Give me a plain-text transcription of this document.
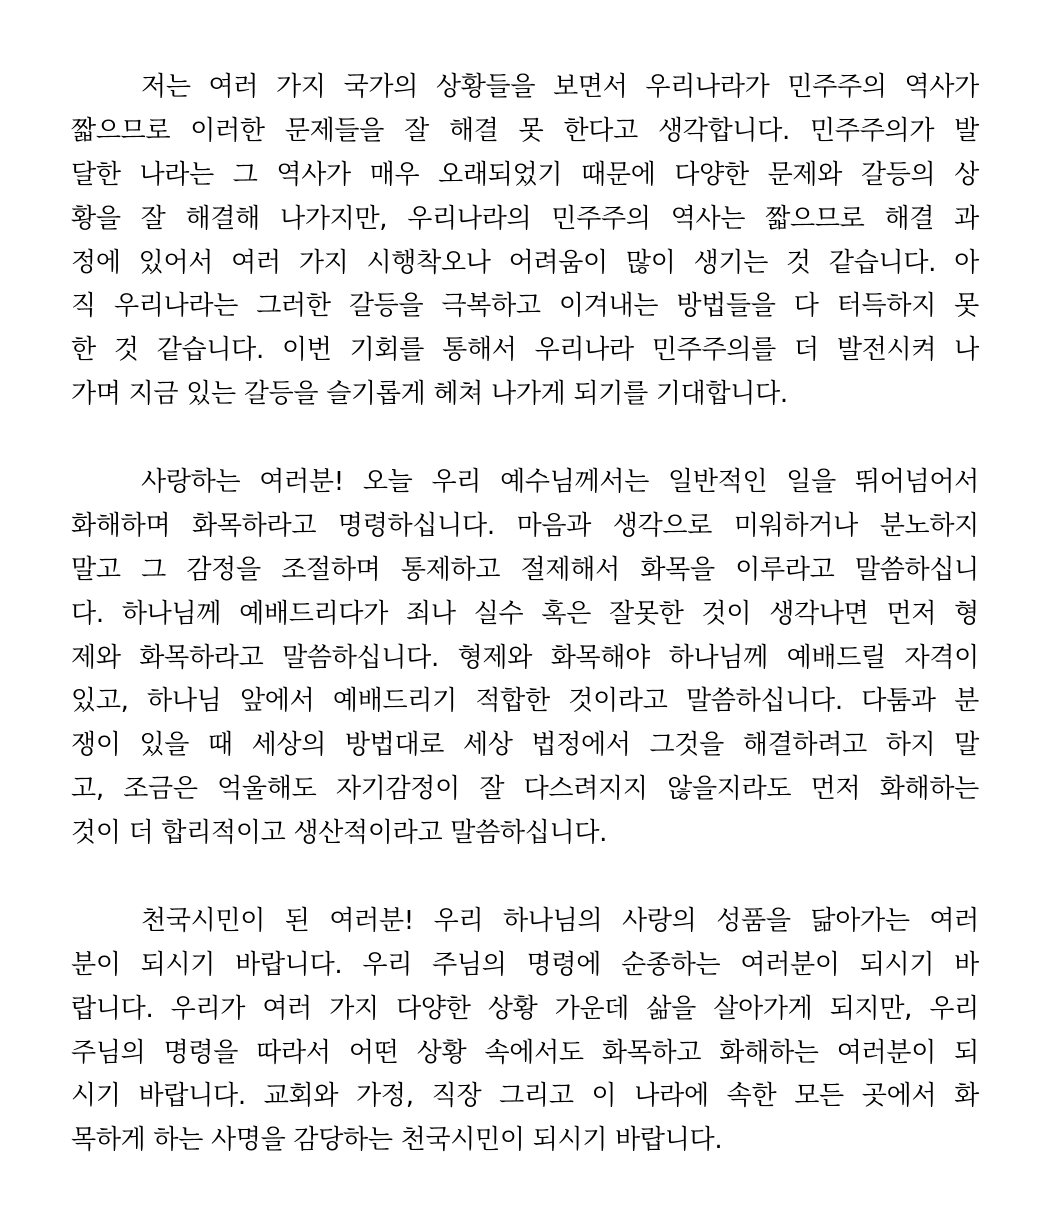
저는 여러 가지 국가의 상황들을 보면서 우리나라가 민주주의 역사가
짧으므로 이러한 문제들을 잘 해결 못 한다고 생각합니다. 민주주의가 발
달한 나라는 그 역사가 매우 오래되었기 때문에 다양한 문제와 갈등의 상
황을 잘 해결해 나가지만, 우리나라의 민주주의 역사는 짧으므로 해결 과
정에 있어서 여러 가지 시행착오나 어려움이 많이 생기는 것 같습니다. 아
직 우리나라는 그러한 갈등을 극복하고 이겨내는 방법들을 다 터득하지 못
한 것 같습니다. 이번 기회를 통해서 우리나라 민주주의를 더 발전시켜 나
가며 지금 있는 갈등을 슬기롭게 헤쳐 나가게 되기를 기대합니다.
사랑하는 여러분! 오늘 우리 예수님께서는 일반적인 일을 뛰어넘어서
화해하며 화목하라고 명령하십니다. 마음과 생각으로 미워하거나 분노하지
말고 그 감정을 조절하며 통제하고 절제해서 화목을 이루라고 말씀하십니
다. 하나님께 예배드리다가 죄나 실수 혹은 잘못한 것이 생각나면 먼저 형
제와 화목하라고 말씀하십니다. 형제와 화목해야 하나님께 예배드릴 자격이
있고, 하나님 앞에서 예배드리기 적합한 것이라고 말씀하십니다. 다툼과 분
쟁이 있을 때 세상의 방법대로 세상 법정에서 그것을 해결하려고 하지 말
고, 조금은 억울해도 자기감정이 잘 다스려지지 않을지라도 먼저 화해하는
것이 더 합리적이고 생산적이라고 말씀하십니다.
천국시민이 된 여러분! 우리 하나님의 사랑의 성품을 닮아가는 여러
분이 되시기 바랍니다. 우리 주님의 명령에 순종하는 여러분이 되시기 바
랍니다. 우리가 여러 가지 다양한 상황 가운데 삶을 살아가게 되지만, 우리
주님의 명령을 따라서 어떤 상황 속에서도 화목하고 화해하는 여러분이 되
시기 바랍니다. 교회와 가정, 직장 그리고 이 나라에 속한 모든 곳에서 화
목하게 하는 사명을 감당하는 천국시민이 되시기 바랍니다.
